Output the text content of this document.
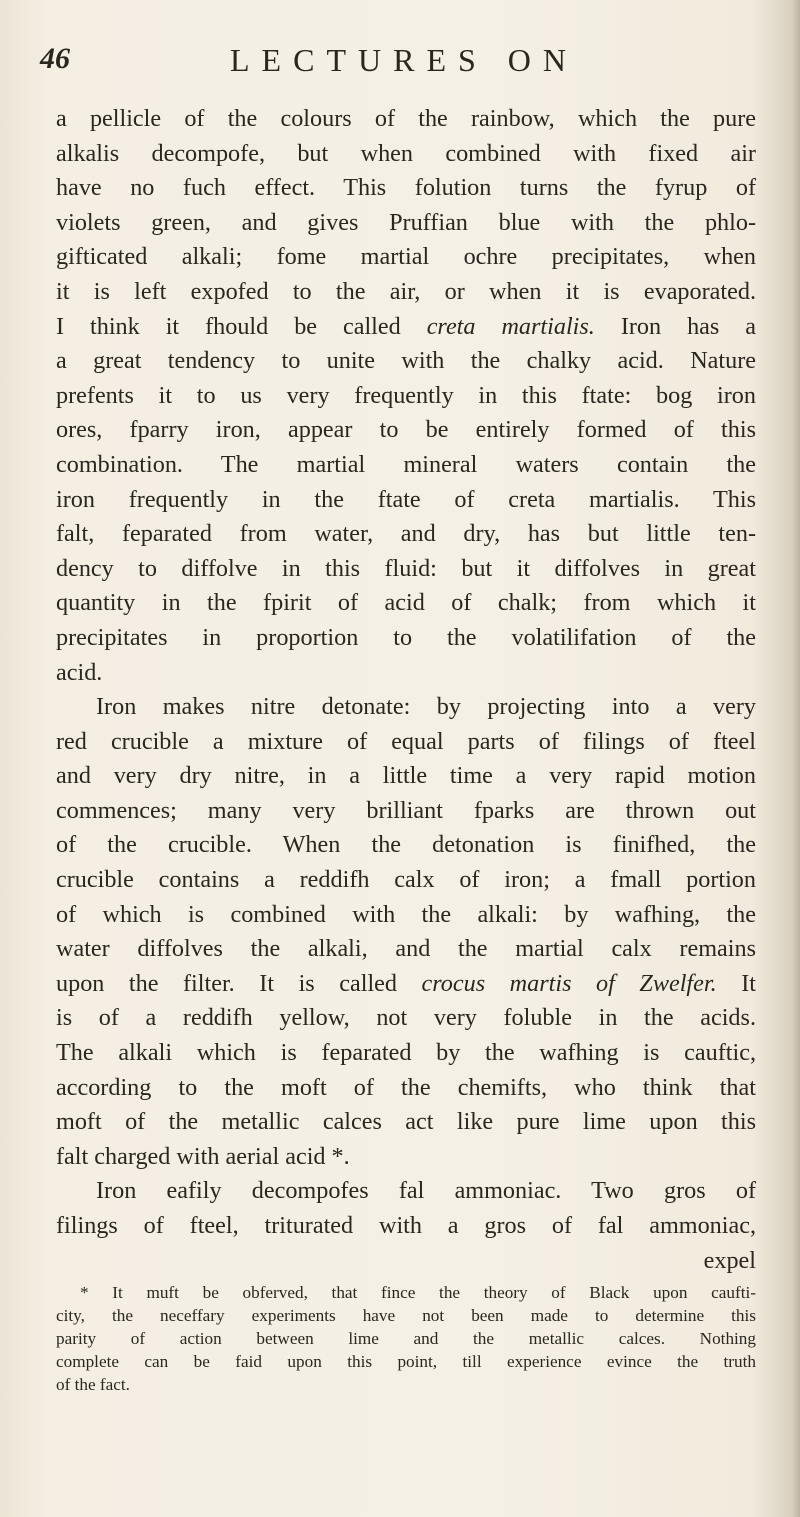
46	LECTURES ON
a pellicle of the colours of the rainbow, which the pure
alkalis decompofe, but when combined with fixed air
have no fuch effect. This folution turns the fyrup of
violets green, and gives Pruffian blue with the phlo-
gifticated alkali; fome martial ochre precipitates, when
it is left expofed to the air, or when it is evaporated.
I think it fhould be called creta martialis. Iron has a
a great tendency to unite with the chalky acid. Nature
prefents it to us very frequently in this ftate: bog iron
ores, fparry iron, appear to be entirely formed of this
combination. The martial mineral waters contain the
iron frequently in the ftate of creta martialis. This
falt, feparated from water, and dry, has but little ten-
dency to diffolve in this fluid: but it diffolves in great
quantity in the fpirit of acid of chalk; from which it
precipitates in proportion to the volatilifation of the
acid.
Iron makes nitre detonate: by projecting into a very
red crucible a mixture of equal parts of filings of fteel
and very dry nitre, in a little time a very rapid motion
commences; many very brilliant fparks are thrown out
of the crucible. When the detonation is finifhed, the
crucible contains a reddifh calx of iron; a fmall portion
of which is combined with the alkali: by wafhing, the
water diffolves the alkali, and the martial calx remains
upon the filter. It is called crocus martis of Zwelfer. It
is of a reddifh yellow, not very foluble in the acids.
The alkali which is feparated by the wafhing is cauftic,
according to the moft of the chemifts, who think that
moft of the metallic calces act like pure lime upon this
falt charged with aerial acid *.
Iron eafily decompofes fal ammoniac. Two gros of
filings of fteel, triturated with a gros of fal ammoniac,
expel
* It muft be obferved, that fince the theory of Black upon caufti-
city, the neceffary experiments have not been made to determine this
parity of action between lime and the metallic calces. Nothing
complete can be faid upon this point, till experience evince the truth
of the fact.
